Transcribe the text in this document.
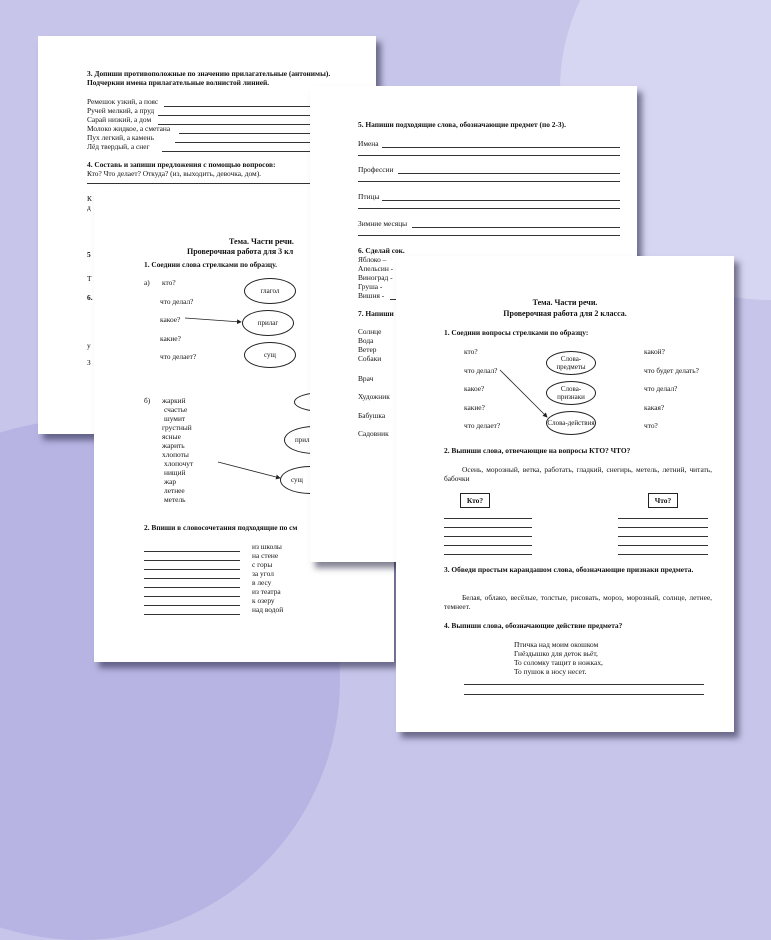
3. Допиши противоположные по значению прилагательные (антонимы).
Подчеркни имена прилагательные волнистой линией.
Ремешок узкий, а пояс
Ручей мелкий, а пруд
Сарай низкий, а дом
Молоко жидкое, а сметана
Пух легкий, а камень
Лёд твердый, а снег
4. Составь и запиши предложения с помощью вопросов:
Кто? Что делает? Откуда? (из, выходить, девочка, дом).
К
д
5
Т
6.
у
З
Тема. Части речи.
Проверочная работа для 3 кл
1. Соедини слова стрелками по образцу.
а) кто?
что делал?
какое?
какие?
что делает?
глагол
прилаг
сущ
б) жаркий
счастье
шумит
грустный
ясные
жарить
хлопоты
хлопочут
нищий
жар
летнее
метель
прил
сущ
2. Впиши в словосочетания подходящие по см
из школы
на стене
с горы
за угол
в лесу
из театра
к озеру
над водой
5. Напиши подходящие слова, обозначающие предмет (по 2-3).
Имена
Профессии
Птицы
Зимние месяцы
6. Сделай сок.
Яблоко –
Апельсин -
Виноград -
Груша -
Вишня -
7. Напиши
Солнце
Вода
Ветер
Собаки
Врач
Художник
Бабушка
Садовник
Тема. Части речи.
Проверочная работа для 2 класса.
1. Соедини вопросы стрелками по образцу:
кто?
что делал?
какое?
какие?
что делает?
Слова-предметы
Слова-признаки
Слова-действия
какой?
что будет делать?
что делал?
какая?
что?
2. Выпиши слова, отвечающие на вопросы КТО? ЧТО?
Осень, морозный, ветка, работать, гладкий, снегирь, метель, летний, читать, бабочки
Кто?	Что?
3. Обведи простым карандашом слова, обозначающие признаки предмета.
Белая, облако, весёлые, толстые, рисовать, мороз, морозный, солнце, летнее, темнеет.
4. Выпиши слова, обозначающие действие предмета?
Птичка над моим окошком
Гнёздышко для деток вьёт,
То соломку тащит в ножках,
То пушок в носу несет.
